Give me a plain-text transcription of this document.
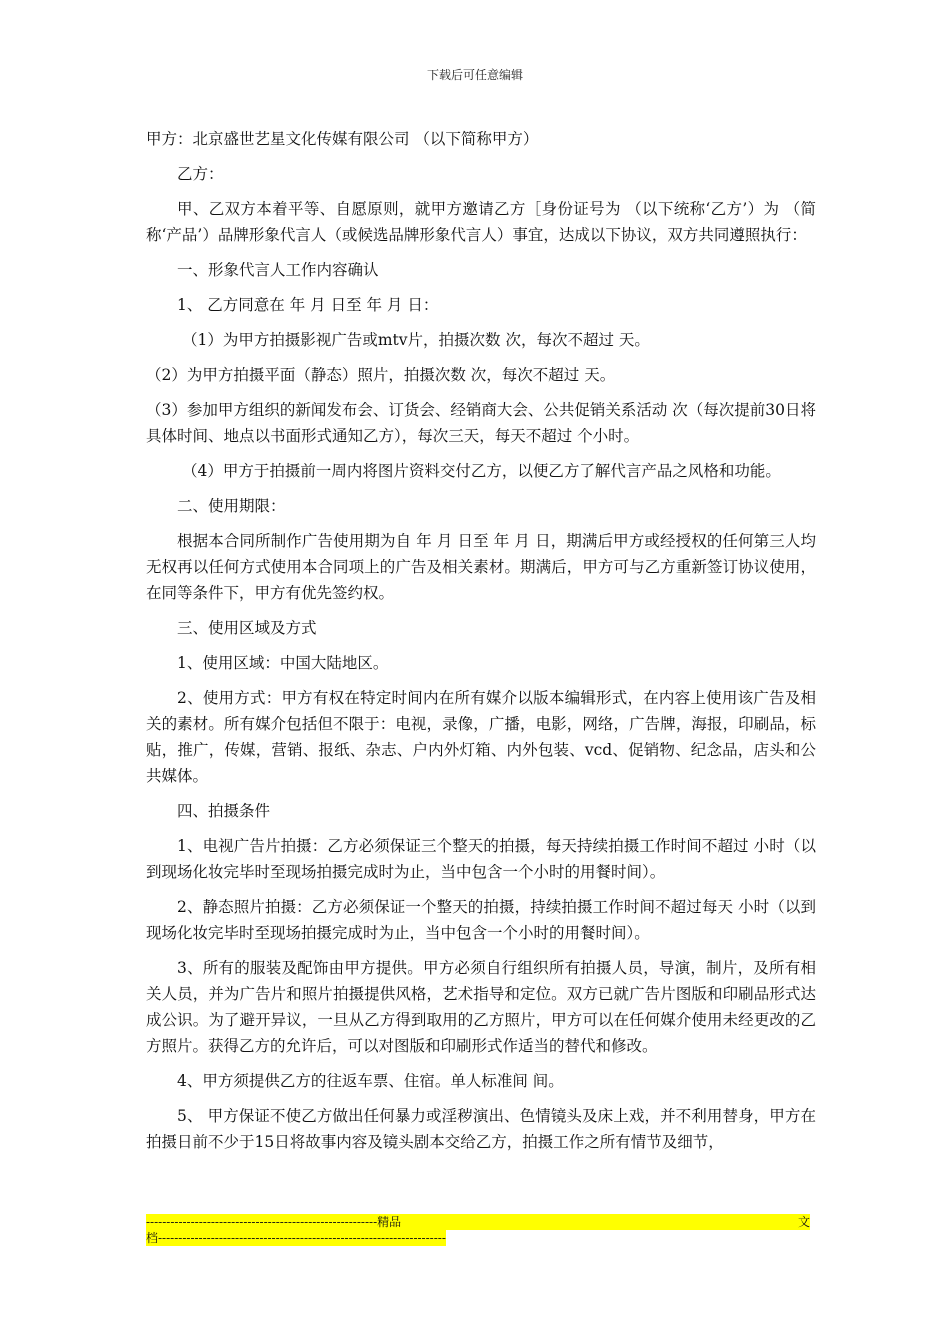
下载后可任意编辑

甲方：北京盛世艺星文化传媒有限公司 （以下简称甲方）

乙方：

甲、乙双方本着平等、自愿原则，就甲方邀请乙方［身份证号为 （以下统称‘乙方’）为 （简称‘产品’）品牌形象代言人（或候选品牌形象代言人）事宜，达成以下协议，双方共同遵照执行：

一、形象代言人工作内容确认

1、 乙方同意在 年 月 日至 年 月 日：

（1）为甲方拍摄影视广告或mtv片，拍摄次数 次，每次不超过 天。

（2）为甲方拍摄平面（静态）照片，拍摄次数 次，每次不超过 天。

（3）参加甲方组织的新闻发布会、订货会、经销商大会、公共促销关系活动 次（每次提前30日将具体时间、地点以书面形式通知乙方），每次三天，每天不超过 个小时。

（4）甲方于拍摄前一周内将图片资料交付乙方，以便乙方了解代言产品之风格和功能。

二、使用期限：

根据本合同所制作广告使用期为自 年 月 日至 年 月 日，期满后甲方或经授权的任何第三人均无权再以任何方式使用本合同项上的广告及相关素材。期满后，甲方可与乙方重新签订协议使用，在同等条件下，甲方有优先签约权。

三、使用区域及方式

1、使用区域：中国大陆地区。

2、使用方式：甲方有权在特定时间内在所有媒介以版本编辑形式，在内容上使用该广告及相关的素材。所有媒介包括但不限于：电视，录像，广播，电影，网络，广告牌，海报，印刷品，标贴，推广，传媒，营销、报纸、杂志、户内外灯箱、内外包装、vcd、促销物、纪念品，店头和公共媒体。

四、拍摄条件

1、电视广告片拍摄：乙方必须保证三个整天的拍摄，每天持续拍摄工作时间不超过 小时（以到现场化妆完毕时至现场拍摄完成时为止，当中包含一个小时的用餐时间）。

2、静态照片拍摄：乙方必须保证一个整天的拍摄，持续拍摄工作时间不超过每天 小时（以到现场化妆完毕时至现场拍摄完成时为止，当中包含一个小时的用餐时间）。

3、所有的服装及配饰由甲方提供。甲方必须自行组织所有拍摄人员，导演，制片，及所有相关人员，并为广告片和照片拍摄提供风格，艺术指导和定位。双方已就广告片图版和印刷品形式达成公识。为了避开异议，一旦从乙方得到取用的乙方照片，甲方可以在任何媒介使用未经更改的乙方照片。获得乙方的允许后，可以对图版和印刷形式作适当的替代和修改。

4、甲方须提供乙方的往返车票、住宿。单人标准间 间。

5、 甲方保证不使乙方做出任何暴力或淫秽演出、色情镜头及床上戏，并不利用替身，甲方在拍摄日前不少于15日将故事内容及镜头剧本交给乙方，拍摄工作之所有情节及细节，

--------------------------------------------------------- 精 品	文
档-----------------------------------------------------------------------
